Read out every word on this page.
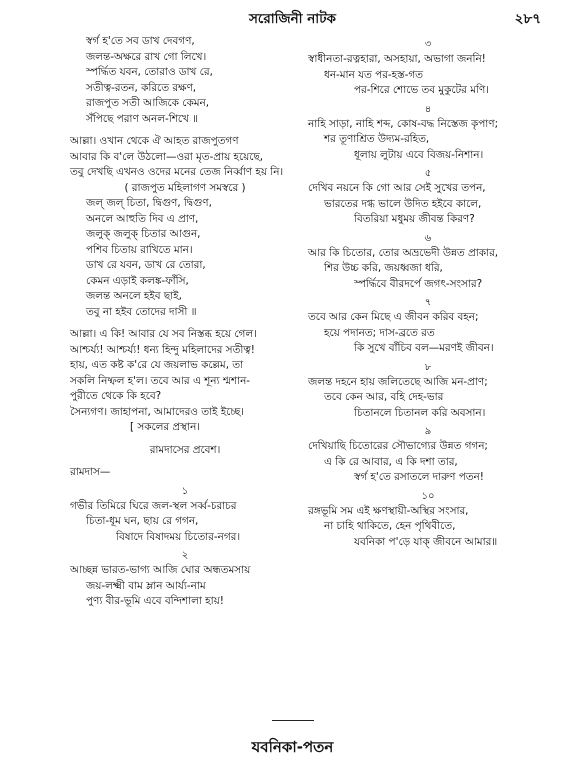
সরোজিনী নাটক	২৮৭
স্বর্গ হ'তে সব ডাখ দেবগণ,
জলন্ত-অক্ষরে রাখ গো লিখে।
স্পর্দ্ধিত যবন, তোরাও ডাখ রে,
সতীত্ব-রতন, করিতে রক্ষণ,
রাজপুত সতী আজিকে কেমন,
সঁপিছে পরাণ অনল-শিখে ॥
আল্লা। ওখান থেকে ঐ আহত রাজপুতগণ
আবার কি ব'লে উঠলো—ওরা মৃত-প্রায় হয়েছে,
তবু দেখছি এখনও ওদের মনের তেজ নির্ব্বাণ হয় নি।
( রাজপুত মহিলাগণ সমস্বরে )
জল্ জল্ চিতা, দ্বিগুণ, দ্বিগুণ,
অনলে আহুতি দিব এ প্রাণ,
জলুক্ জলুক্ চিতার আগুন,
পশিব চিতায় রাখিতে মান।
ডাখ রে যবন, ডাখ রে তোরা,
কেমন এড়াই কলঙ্ক-ফাঁসি,
জলন্ত অনলে হইব ছাই,
তবু না হইব তোদের দাসী ॥
আল্লা। এ কি! আবার যে সব নিস্তব্ধ হয়ে গেল।
আশ্চর্য্য! আশ্চর্য্য! ধন্য হিন্দু মহিলাদের সতীত্ব!
হায়, এত কষ্ট ক'রে যে জয়লাভ কল্লেম, তা
সকলি নিষ্ফল হ'ল। তবে আর এ শূন্য শ্মশান-
পুরীতে থেকে কি হবে?
সৈন্যগণ। জাহাপনা, আমাদেরও তাই ইচ্ছে।
[ সকলের প্রস্থান।
রামদাসের প্রবেশ।
রামদাস—
১
গভীর তিমিরে ঘিরে জল-স্থল সর্ব্ব-চরাচর
চিতা-ধূম ঘন, ছায় রে গগন,
বিষাদে বিষাদময় চিতোর-নগর।
২
আচ্ছন্ন ভারত-ভাগ্য আজি ঘোর অন্ধতমসায়
জয়-লক্ষ্মী বাম ম্লান আর্য্য-নাম
পুণ্য বীর-ভূমি এবে বন্দিশালা হায়!
৩
স্বাধীনতা-রত্নহারা, অসহায়া, অভাগা জননি!
ধন-মান যত পর-হস্ত-গত
পর-শিরে শোভে তব মুকুটের মণি।
৪
নাহি সাড়া, নাহি শব্দ, কোষ-বদ্ধ নিস্তেজ কৃপাণ;
শর তূণাশ্রিত উদ্যম-রহিত,
ধূলায় লুটায় এবে বিজয়-নিশান।
৫
দেখিব নয়নে কি গো আর সেই সুখের তপন,
ভারতের দগ্ধ ভালে উদিত হইবে কালে,
বিতরিয়া মধুময় জীবন্ত কিরণ?
৬
আর কি চিতোর, তোর অভ্রভেদী উন্নত প্রাকার,
শির উচ্চ করি, জয়ধ্বজা ধরি,
স্পর্দ্ধিবে বীরদর্পে জগৎ-সংসার?
৭
তবে আর কেন মিছে এ জীবন করিব বহন;
হয়ে পদানত; দাস-ব্রতে রত
কি সুখে বাঁচিব বল—মরণই জীবন।
৮
জলন্ত দহনে হায় জলিতেছে আজি মন-প্রাণ;
তবে কেন আর, বহি দেহ-ভার
চিতানলে চিতানল করি অবসান।
৯
দেখিয়াছি চিতোরের সৌভাগ্যের উন্নত গগন;
এ কি রে আবার, এ কি দশা তার,
স্বর্গ হ'তে রসাতলে দারুণ পতন!
১০
রঙ্গভূমি সম এই ক্ষণস্থায়ী-অস্থির সংসার,
না চাহি থাকিতে, হেন পৃথিবীতে,
যবনিকা প'ড়ে যাক্ জীবনে আমার॥
যবনিকা-পতন
